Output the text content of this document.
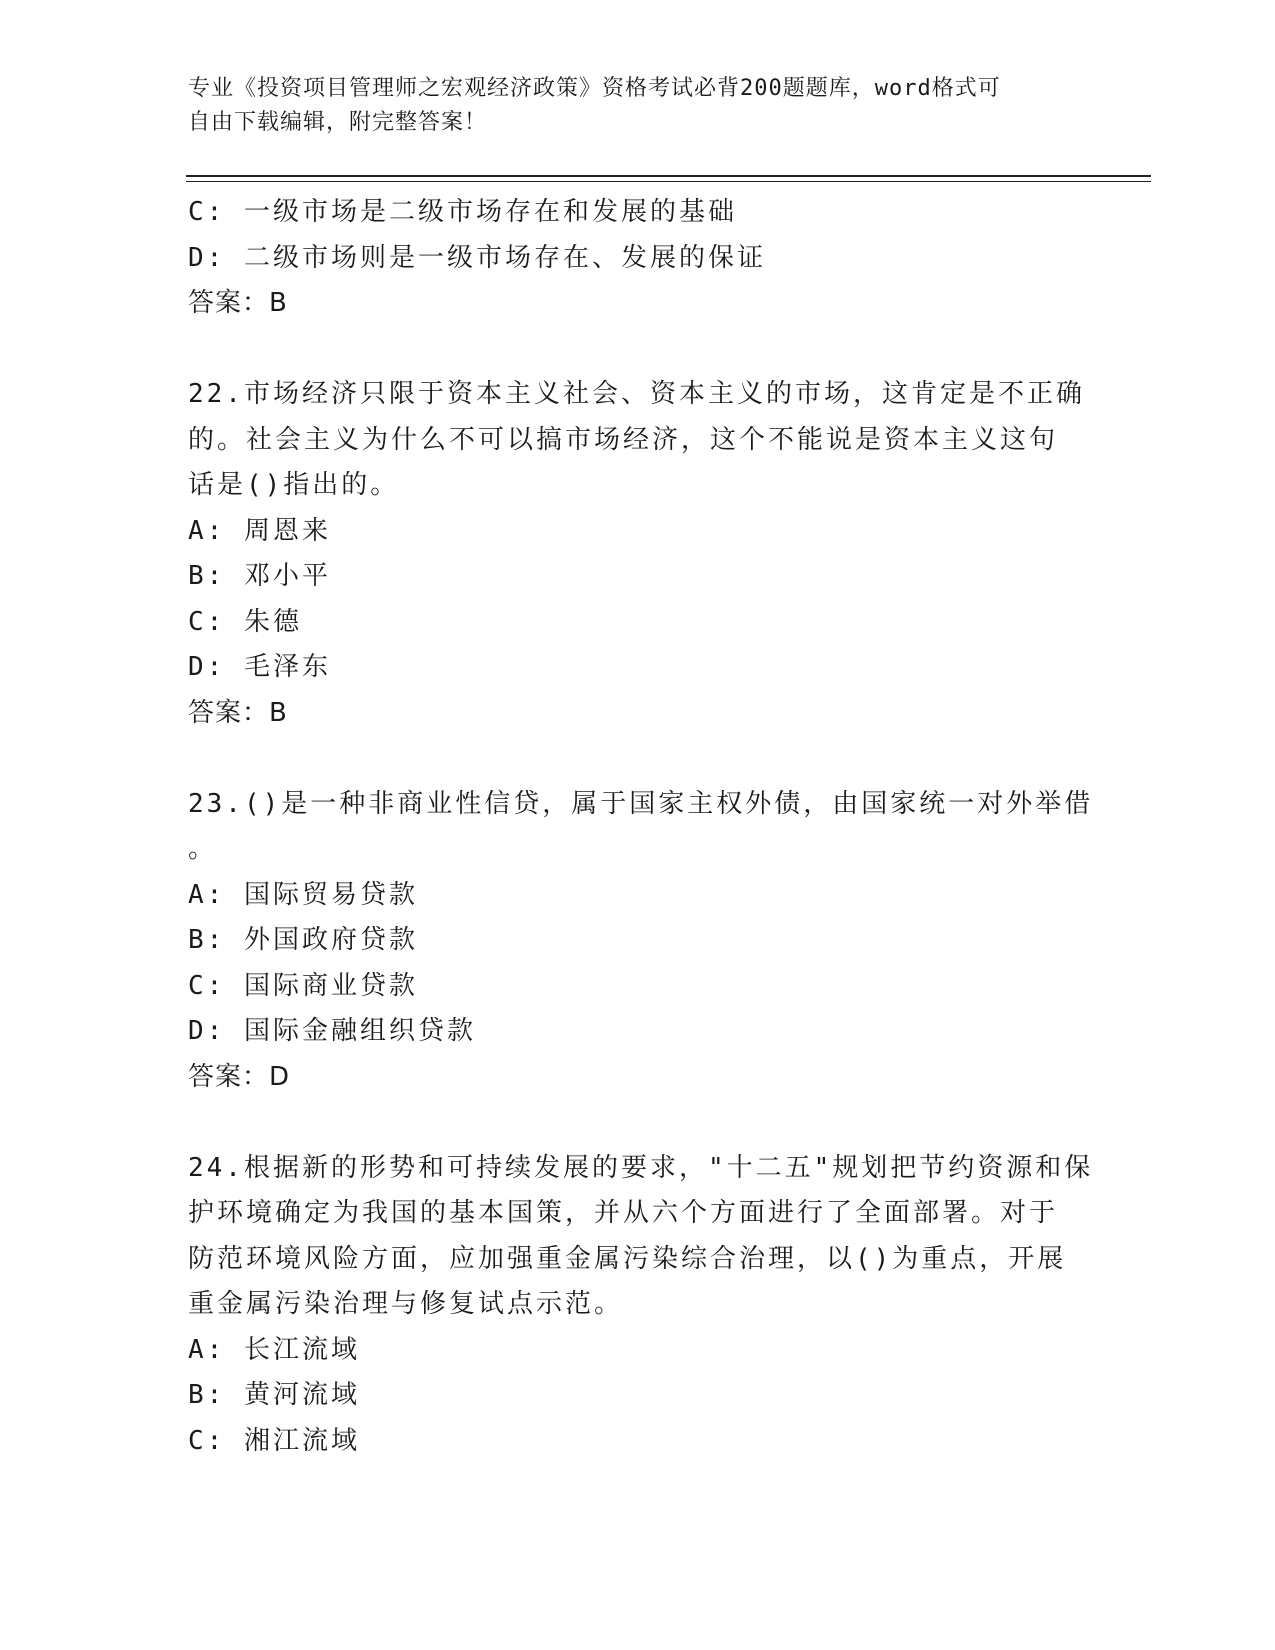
专业《投资项目管理师之宏观经济政策》资格考试必背200题题库，word格式可
自由下载编辑，附完整答案！
C: 一级市场是二级市场存在和发展的基础
D: 二级市场则是一级市场存在、发展的保证
答案：B
22.市场经济只限于资本主义社会、资本主义的市场，这肯定是不正确
的。社会主义为什么不可以搞市场经济，这个不能说是资本主义这句
话是()指出的。
A: 周恩来
B: 邓小平
C: 朱德
D: 毛泽东
答案：B
23.()是一种非商业性信贷，属于国家主权外债，由国家统一对外举借
。
A: 国际贸易贷款
B: 外国政府贷款
C: 国际商业贷款
D: 国际金融组织贷款
答案：D
24.根据新的形势和可持续发展的要求，"十二五"规划把节约资源和保
护环境确定为我国的基本国策，并从六个方面进行了全面部署。对于
防范环境风险方面，应加强重金属污染综合治理，以()为重点，开展
重金属污染治理与修复试点示范。
A: 长江流域
B: 黄河流域
C: 湘江流域
